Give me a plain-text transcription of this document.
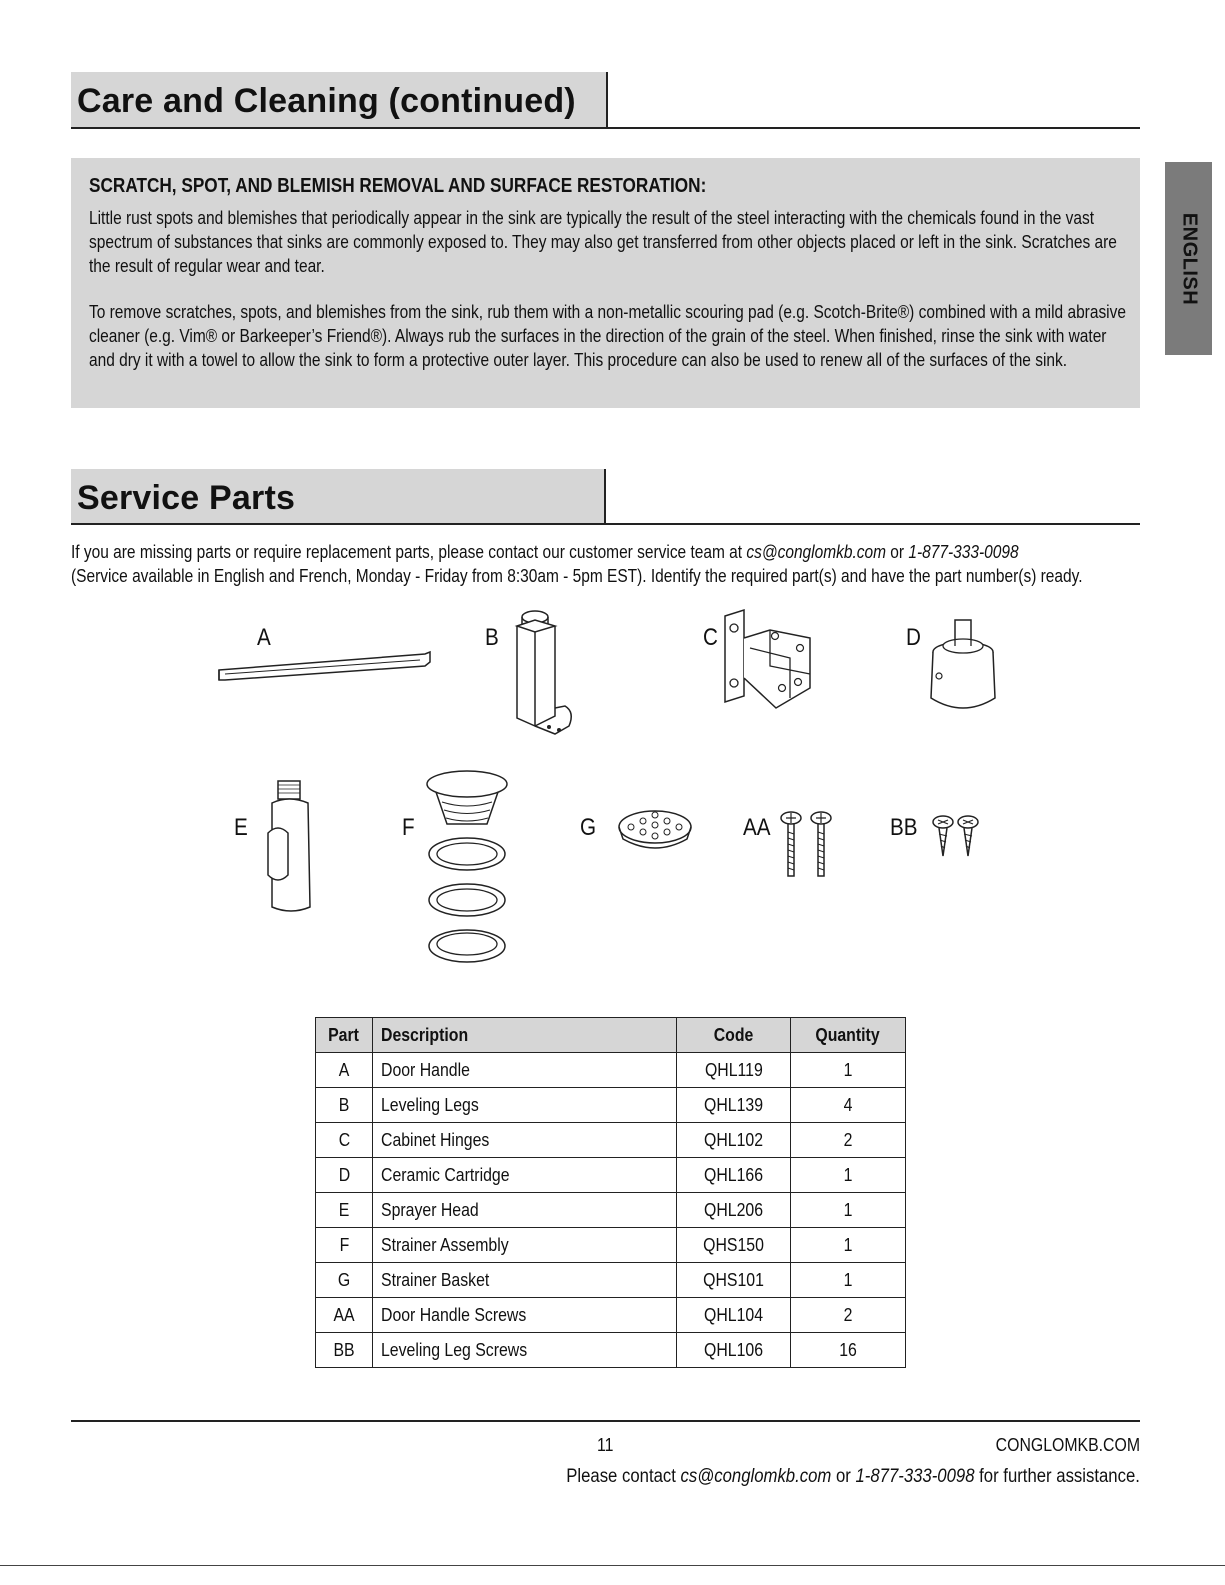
Care and Cleaning (continued)
SCRATCH, SPOT, AND BLEMISH REMOVAL AND SURFACE RESTORATION:

Little rust spots and blemishes that periodically appear in the sink are typically the result of the steel interacting with the chemicals found in the vast spectrum of substances that sinks are commonly exposed to. They may also get transferred from other objects placed or left in the sink. Scratches are the result of regular wear and tear.

To remove scratches, spots, and blemishes from the sink, rub them with a non-metallic scouring pad (e.g. Scotch-Brite®) combined with a mild abrasive cleaner (e.g. Vim® or Barkeeper’s Friend®). Always rub the surfaces in the direction of the grain of the steel. When finished, rinse the sink with water and dry it with a towel to allow the sink to form a protective outer layer. This procedure can also be used to renew all of the surfaces of the sink.

ENGLISH
Service Parts
If you are missing parts or require replacement parts, please contact our customer service team at cs@conglomkb.com or 1-877-333-0098
(Service available in English and French, Monday - Friday from 8:30am - 5pm EST). Identify the required part(s) and have the part number(s) ready.
A	B	C	D
E	F	G	AA	BB
Part	Description	Code	Quantity
A	Door Handle	QHL119	1
B	Leveling Legs	QHL139	4
C	Cabinet Hinges	QHL102	2
D	Ceramic Cartridge	QHL166	1
E	Sprayer Head	QHL206	1
F	Strainer Assembly	QHS150	1
G	Strainer Basket	QHS101	1
AA	Door Handle Screws	QHL104	2
BB	Leveling Leg Screws	QHL106	16
11	CONGLOMKB.COM
Please contact cs@conglomkb.com or 1-877-333-0098 for further assistance.
